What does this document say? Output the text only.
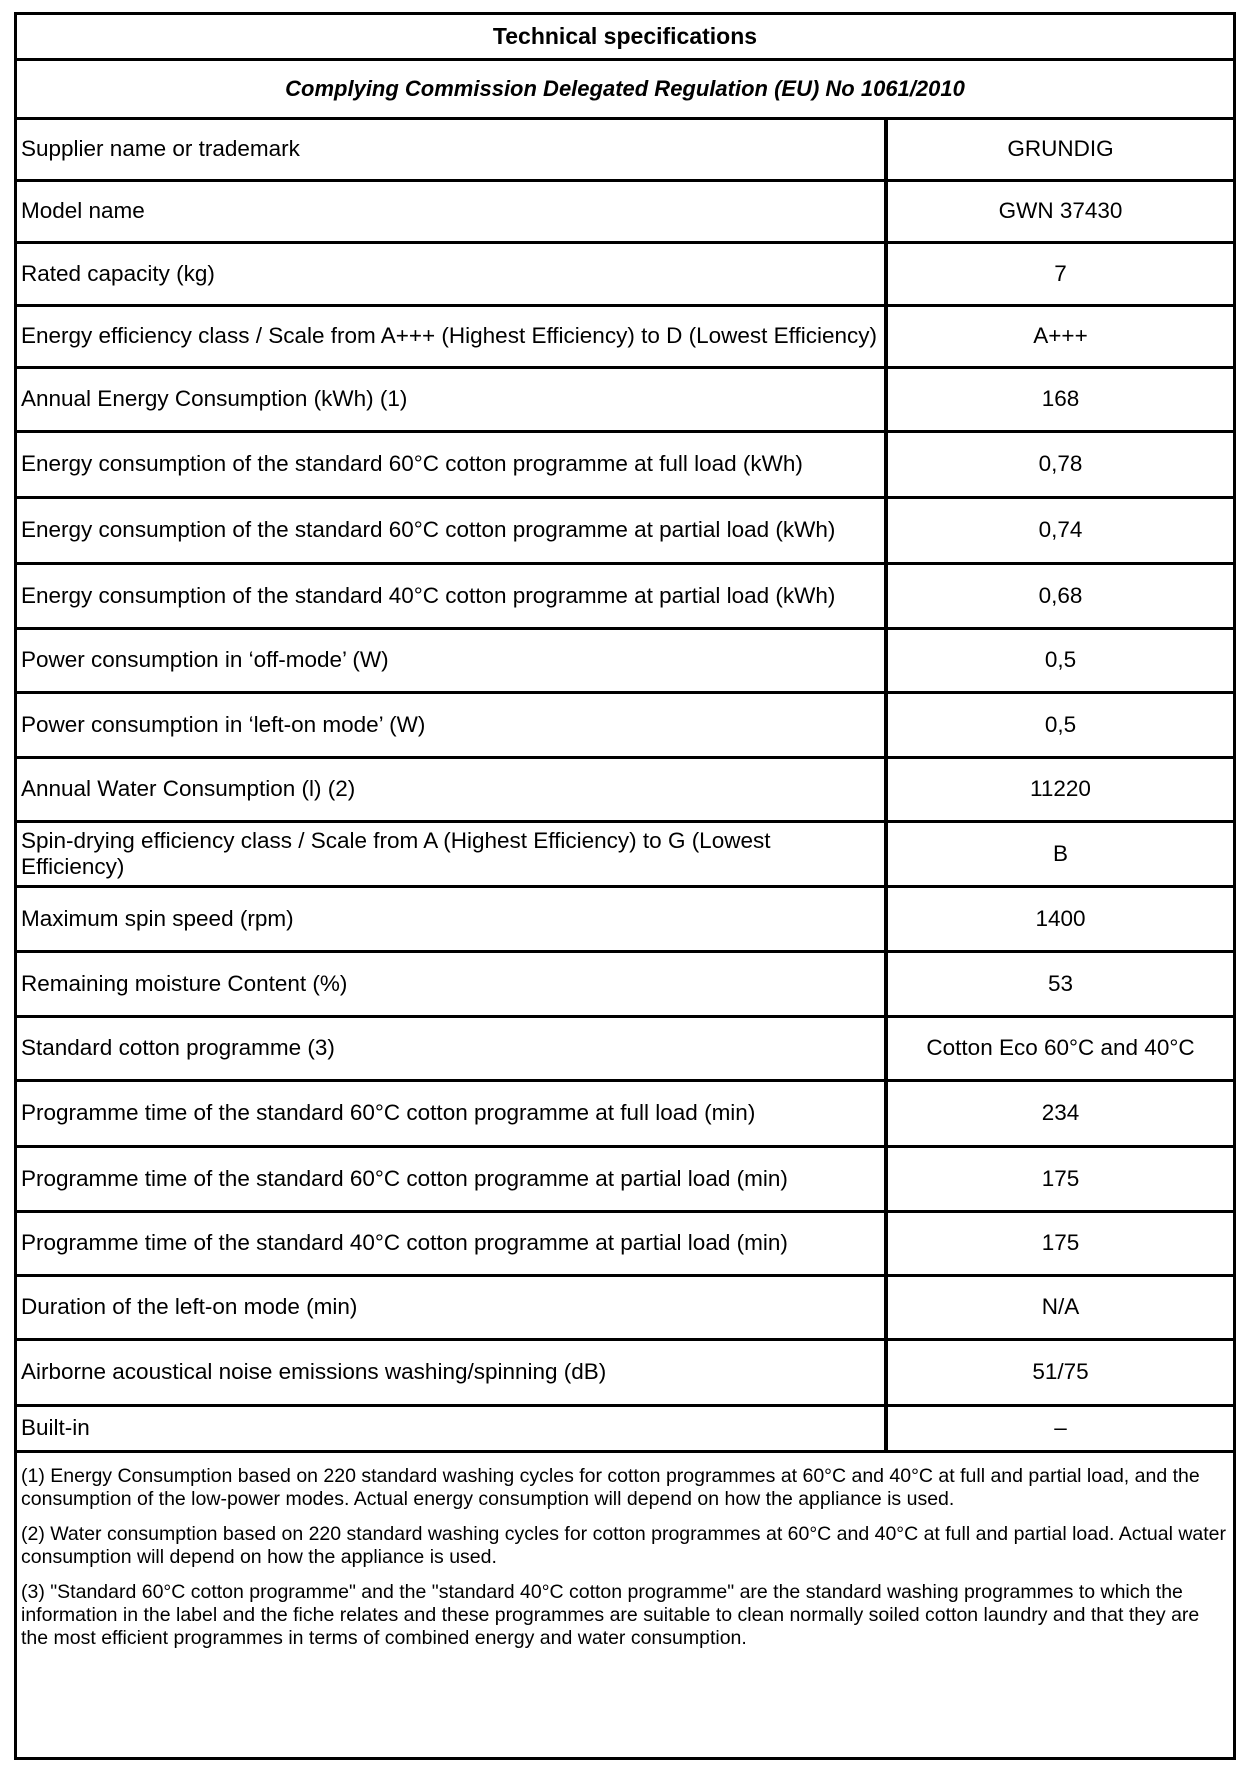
Technical specifications
Complying Commission Delegated Regulation (EU) No 1061/2010
Supplier name or trademark	GRUNDIG
Model name	GWN 37430
Rated capacity (kg)	7
Energy efficiency class / Scale from A+++ (Highest Efficiency) to D (Lowest Efficiency)	A+++
Annual Energy Consumption (kWh) (1)	168
Energy consumption of the standard 60°C cotton programme at full load (kWh)	0,78
Energy consumption of the standard 60°C cotton programme at partial load (kWh)	0,74
Energy consumption of the standard 40°C cotton programme at partial load (kWh)	0,68
Power consumption in ‘off-mode’ (W)	0,5
Power consumption in ‘left-on mode’ (W)	0,5
Annual Water Consumption (l) (2)	11220
Spin-drying efficiency class / Scale from A (Highest Efficiency) to G (Lowest Efficiency)	B
Maximum spin speed (rpm)	1400
Remaining moisture Content (%)	53
Standard cotton programme (3)	Cotton Eco 60°C and 40°C
Programme time of the standard 60°C cotton programme at full load (min)	234
Programme time of the standard 60°C cotton programme at partial load (min)	175
Programme time of the standard 40°C cotton programme at partial load (min)	175
Duration of the left-on mode (min)	N/A
Airborne acoustical noise emissions washing/spinning (dB)	51/75
Built-in	–

(1) Energy Consumption based on 220 standard washing cycles for cotton programmes at 60°C and 40°C at full and partial load, and the consumption of the low-power modes. Actual energy consumption will depend on how the appliance is used.

(2) Water consumption based on 220 standard washing cycles for cotton programmes at 60°C and 40°C at full and partial load. Actual water consumption will depend on how the appliance is used.

(3) "Standard 60°C cotton programme" and the "standard 40°C cotton programme" are the standard washing programmes to which the information in the label and the fiche relates and these programmes are suitable to clean normally soiled cotton laundry and that they are the most efficient programmes in terms of combined energy and water consumption.
